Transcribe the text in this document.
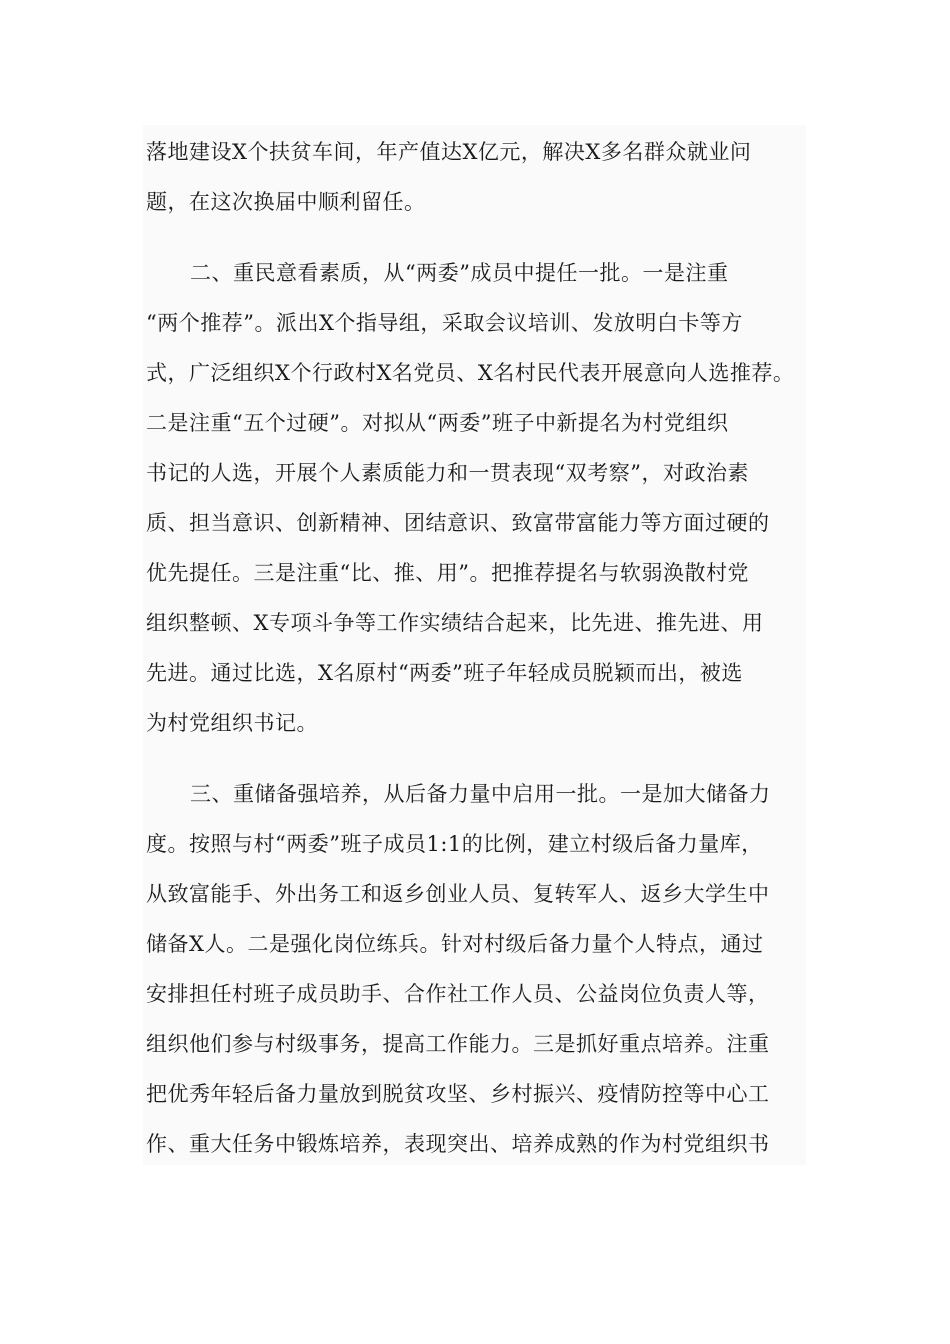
落地建设X个扶贫车间，年产值达X亿元，解决X多名群众就业问
题，在这次换届中顺利留任。
二、重民意看素质，从“两委”成员中提任一批。一是注重
“两个推荐”。派出X个指导组，采取会议培训、发放明白卡等方
式，广泛组织X个行政村X名党员、X名村民代表开展意向人选推荐。
二是注重“五个过硬”。对拟从“两委”班子中新提名为村党组织
书记的人选，开展个人素质能力和一贯表现“双考察”，对政治素
质、担当意识、创新精神、团结意识、致富带富能力等方面过硬的
优先提任。三是注重“比、推、用”。把推荐提名与软弱涣散村党
组织整顿、X专项斗争等工作实绩结合起来，比先进、推先进、用
先进。通过比选，X名原村“两委”班子年轻成员脱颖而出，被选
为村党组织书记。
三、重储备强培养，从后备力量中启用一批。一是加大储备力
度。按照与村“两委”班子成员1:1的比例，建立村级后备力量库，
从致富能手、外出务工和返乡创业人员、复转军人、返乡大学生中
储备X人。二是强化岗位练兵。针对村级后备力量个人特点，通过
安排担任村班子成员助手、合作社工作人员、公益岗位负责人等，
组织他们参与村级事务，提高工作能力。三是抓好重点培养。注重
把优秀年轻后备力量放到脱贫攻坚、乡村振兴、疫情防控等中心工
作、重大任务中锻炼培养，表现突出、培养成熟的作为村党组织书
